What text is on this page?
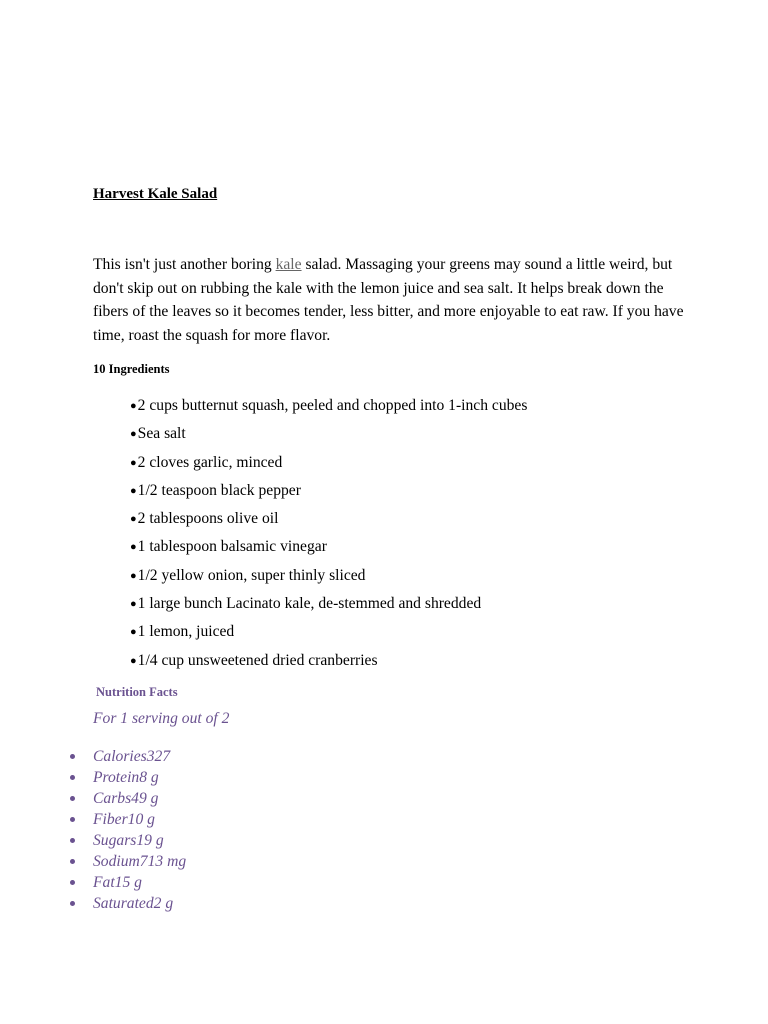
Harvest Kale Salad

This isn't just another boring kale salad. Massaging your greens may sound a little weird, but don't skip out on rubbing the kale with the lemon juice and sea salt. It helps break down the fibers of the leaves so it becomes tender, less bitter, and more enjoyable to eat raw. If you have time, roast the squash for more flavor.

10 Ingredients
●2 cups butternut squash, peeled and chopped into 1-inch cubes
●Sea salt
●2 cloves garlic, minced
●1/2 teaspoon black pepper
●2 tablespoons olive oil
●1 tablespoon balsamic vinegar
●1/2 yellow onion, super thinly sliced
●1 large bunch Lacinato kale, de-stemmed and shredded
●1 lemon, juiced
●1/4 cup unsweetened dried cranberries
Nutrition Facts

For 1 serving out of 2

Calories327
Protein8 g
Carbs49 g
Fiber10 g
Sugars19 g
Sodium713 mg
Fat15 g
Saturated2 g
